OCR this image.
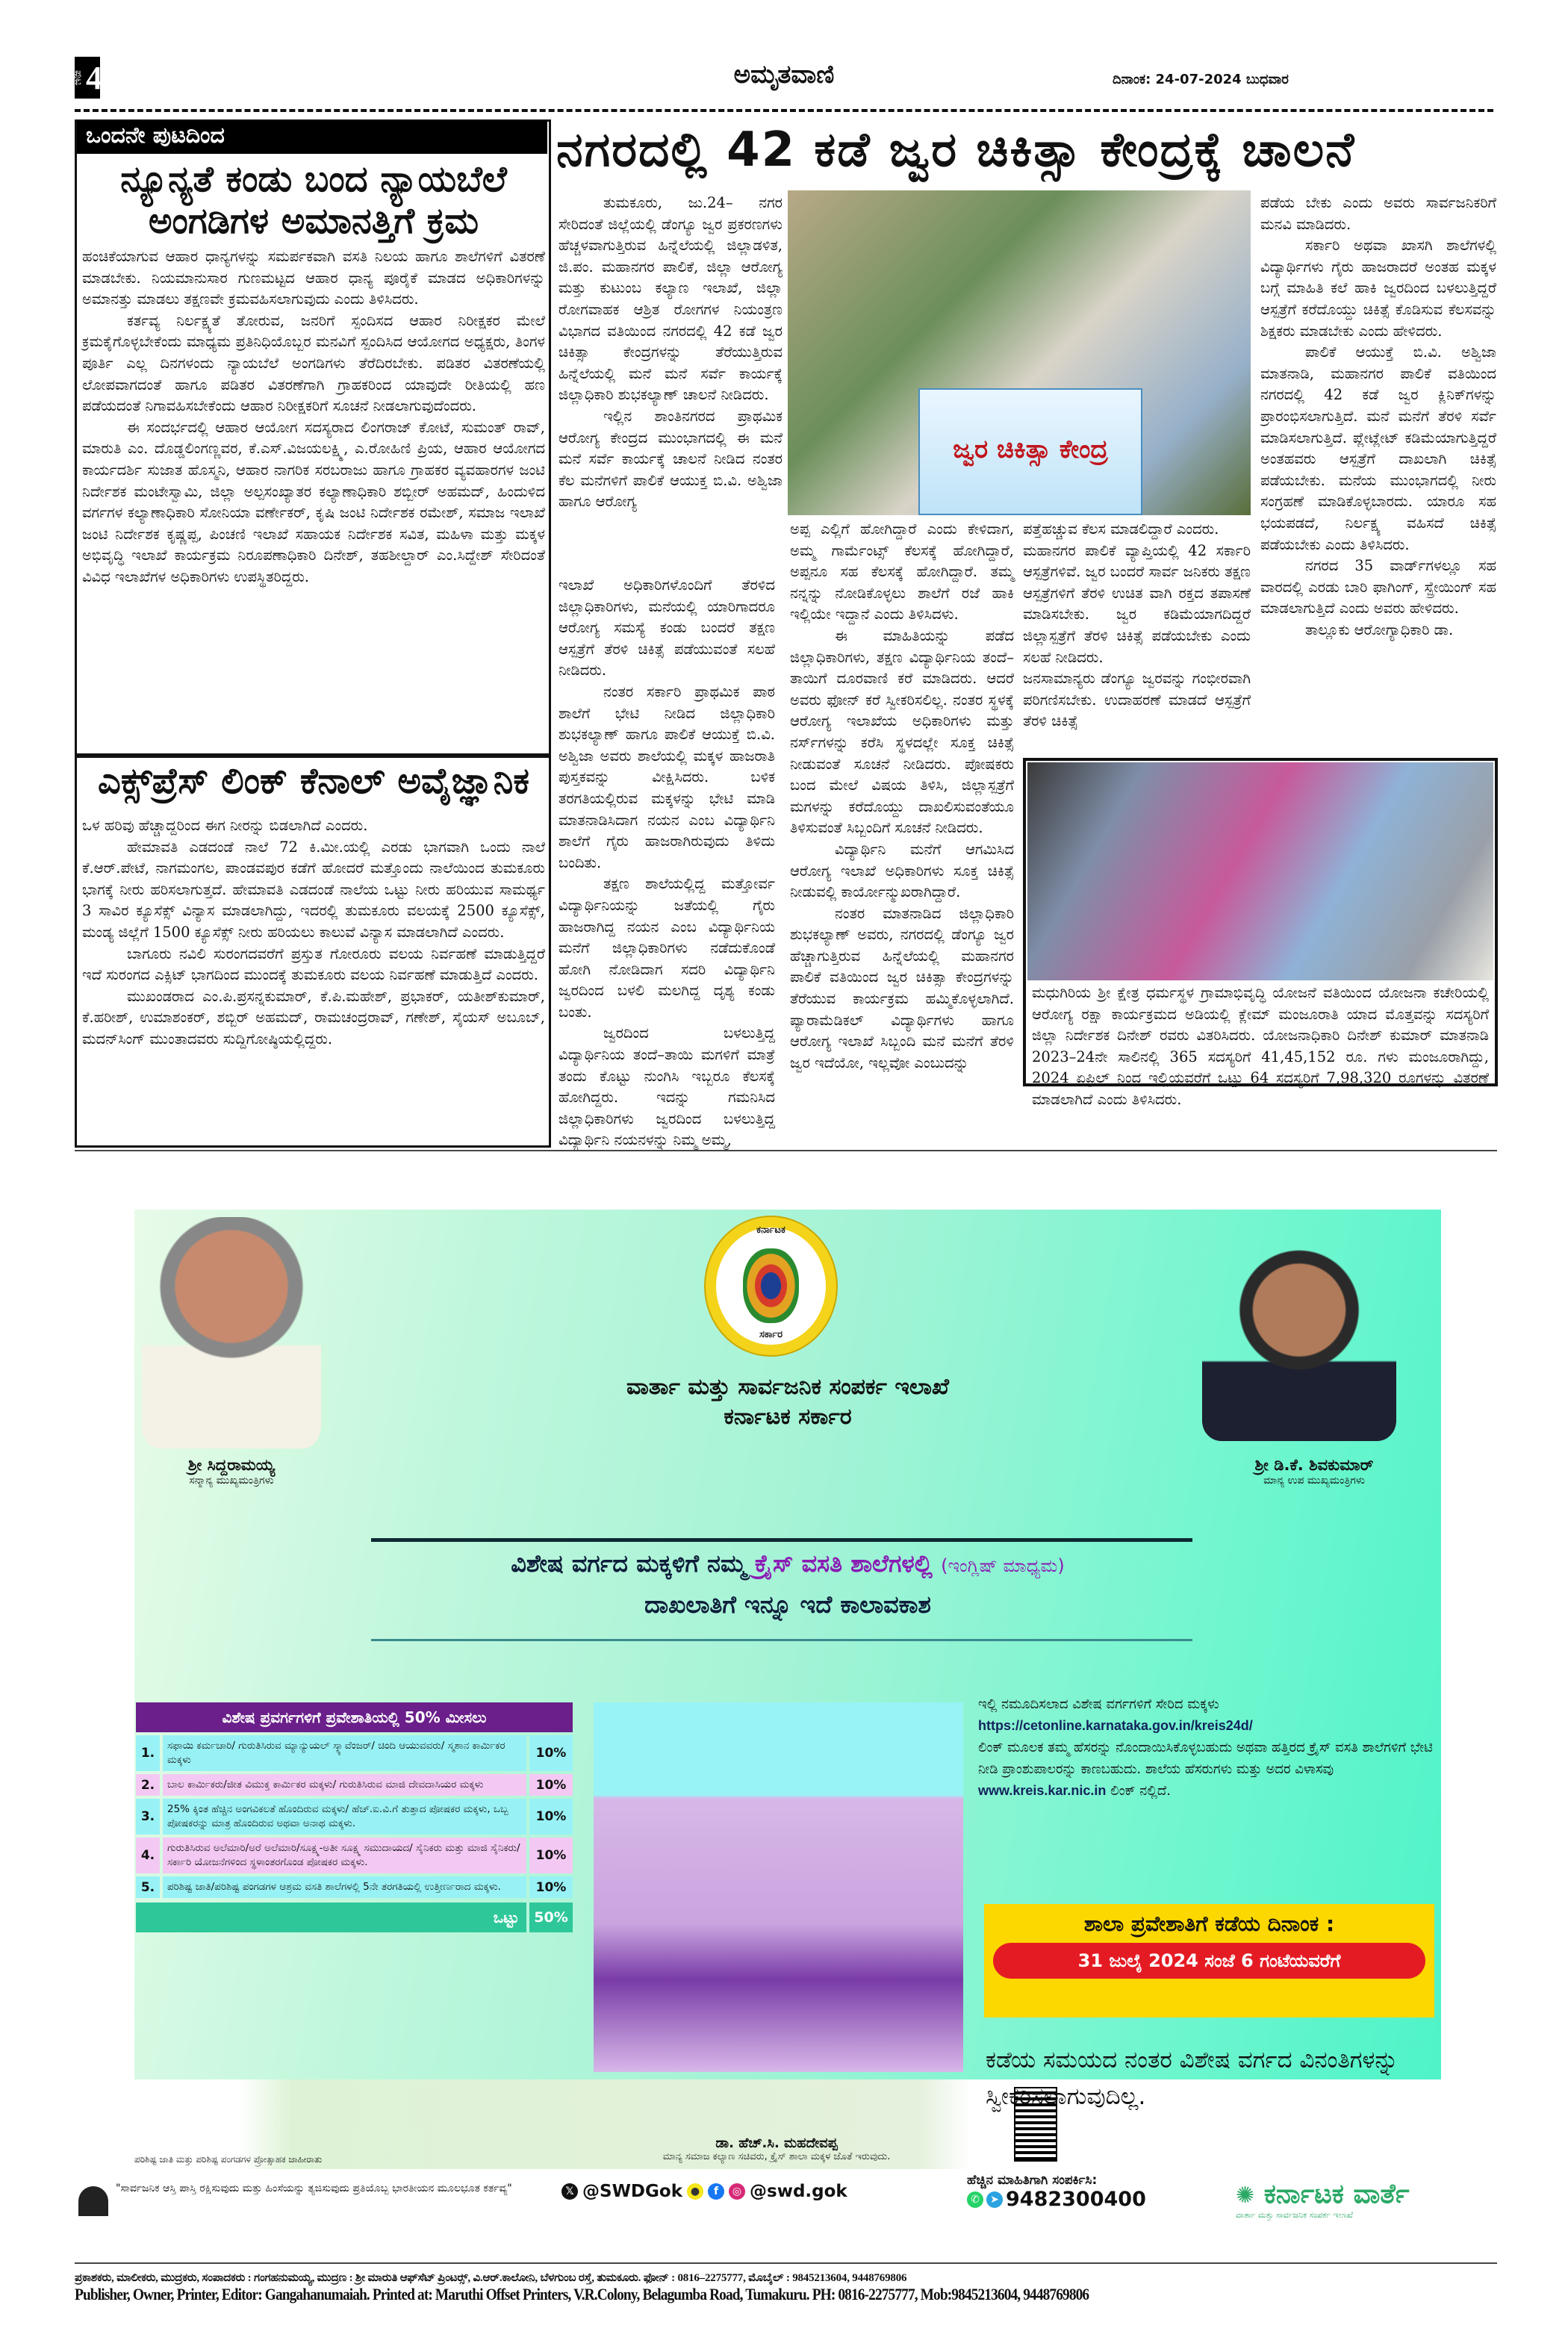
ಪುಟ 4	ಅಮೃತವಾಣಿ	ದಿನಾಂಕ: 24-07-2024 ಬುಧವಾರ
ಒಂದನೇ ಪುಟದಿಂದ
ನ್ಯೂನ್ಯತೆ ಕಂಡು ಬಂದ ನ್ಯಾಯಬೆಲೆ
ಅಂಗಡಿಗಳ ಅಮಾನತ್ತಿಗೆ ಕ್ರಮ

ಹಂಚಿಕೆಯಾಗುವ ಆಹಾರ ಧಾನ್ಯಗಳನ್ನು ಸಮರ್ಪಕವಾಗಿ ವಸತಿ ನಿಲಯ ಹಾಗೂ ಶಾಲೆಗಳಿಗೆ ವಿತರಣೆ ಮಾಡಬೇಕು. ನಿಯಮಾನುಸಾರ ಗುಣಮಟ್ಟದ ಆಹಾರ ಧಾನ್ಯ ಪೂರೈಕೆ ಮಾಡದ ಅಧಿಕಾರಿಗಳನ್ನು ಅಮಾನತ್ತು ಮಾಡಲು ತಕ್ಷಣವೇ ಕ್ರಮವಹಿಸಲಾಗುವುದು ಎಂದು ತಿಳಿಸಿದರು.

ಕರ್ತವ್ಯ ನಿರ್ಲಕ್ಷ್ಯತೆ ತೋರುವ, ಜನರಿಗೆ ಸ್ಪಂದಿಸದ ಆಹಾರ ನಿರೀಕ್ಷಕರ ಮೇಲೆ ಕ್ರಮಕೈಗೊಳ್ಳಬೇಕೆಂದು ಮಾಧ್ಯಮ ಪ್ರತಿನಿಧಿಯೊಬ್ಬರ ಮನವಿಗೆ ಸ್ಪಂದಿಸಿದ ಆಯೋಗದ ಅಧ್ಯಕ್ಷರು, ತಿಂಗಳ ಪೂರ್ತಿ ಎಲ್ಲ ದಿನಗಳಂದು ನ್ಯಾಯಬೆಲೆ ಅಂಗಡಿಗಳು ತೆರೆದಿರಬೇಕು. ಪಡಿತರ ವಿತರಣೆಯಲ್ಲಿ ಲೋಪವಾಗದಂತೆ ಹಾಗೂ ಪಡಿತರ ವಿತರಣೆಗಾಗಿ ಗ್ರಾಹಕರಿಂದ ಯಾವುದೇ ರೀತಿಯಲ್ಲಿ ಹಣ ಪಡೆಯದಂತೆ ನಿಗಾವಹಿಸಬೇಕೆಂದು ಆಹಾರ ನಿರೀಕ್ಷಕರಿಗೆ ಸೂಚನೆ ನೀಡಲಾಗುವುದೆಂದರು.

ಈ ಸಂದರ್ಭದಲ್ಲಿ ಆಹಾರ ಆಯೋಗ ಸದಸ್ಯರಾದ ಲಿಂಗರಾಜ್ ಕೋಟೆ, ಸುಮಂತ್ ರಾವ್, ಮಾರುತಿ ಎಂ. ದೊಡ್ಡಲಿಂಗಣ್ಣವರ, ಕೆ.ಎಸ್.ವಿಜಯಲಕ್ಷ್ಮಿ, ಎ.ರೋಹಿಣಿ ಪ್ರಿಯ, ಆಹಾರ ಆಯೋಗದ ಕಾರ್ಯದರ್ಶಿ ಸುಜಾತ ಹೊಸ್ಮನಿ, ಆಹಾರ ನಾಗರಿಕ ಸರಬರಾಜು ಹಾಗೂ ಗ್ರಾಹಕರ ವ್ಯವಹಾರಗಳ ಜಂಟಿ ನಿರ್ದೇಶಕ ಮಂಟೇಸ್ವಾಮಿ, ಜಿಲ್ಲಾ ಅಲ್ಪಸಂಖ್ಯಾತರ ಕಲ್ಯಾಣಾಧಿಕಾರಿ ಶಬ್ಬೀರ್ ಅಹಮದ್, ಹಿಂದುಳಿದ ವರ್ಗಗಳ ಕಲ್ಯಾಣಾಧಿಕಾರಿ ಸೋನಿಯಾ ವರ್ಣೇಕರ್, ಕೃಷಿ ಜಂಟಿ ನಿರ್ದೇಶಕ ರಮೇಶ್, ಸಮಾಜ ಇಲಾಖೆ ಜಂಟಿ ನಿರ್ದೇಶಕ ಕೃಷ್ಣಪ್ಪ, ಪಿಂಚಣಿ ಇಲಾಖೆ ಸಹಾಯಕ ನಿರ್ದೇಶಕ ಸವಿತ, ಮಹಿಳಾ ಮತ್ತು ಮಕ್ಕಳ ಅಭಿವೃದ್ಧಿ ಇಲಾಖೆ ಕಾರ್ಯಕ್ರಮ ನಿರೂಪಣಾಧಿಕಾರಿ ದಿನೇಶ್, ತಹಶೀಲ್ದಾರ್ ಎಂ.ಸಿದ್ದೇಶ್ ಸೇರಿದಂತೆ ವಿವಿಧ ಇಲಾಖೆಗಳ ಅಧಿಕಾರಿಗಳು ಉಪಸ್ಥಿತರಿದ್ದರು.

ಎಕ್ಸ್‌ಪ್ರೆಸ್ ಲಿಂಕ್ ಕೆನಾಲ್ ಅವೈಜ್ಞಾನಿಕ

ಒಳ ಹರಿವು ಹೆಚ್ಚಾದ್ದರಿಂದ ಈಗ ನೀರನ್ನು ಬಿಡಲಾಗಿದೆ ಎಂದರು.

ಹೇಮಾವತಿ ಎಡದಂಡೆ ನಾಲೆ 72 ಕಿ.ಮೀ.ಯಲ್ಲಿ ಎರಡು ಭಾಗವಾಗಿ ಒಂದು ನಾಲೆ ಕೆ.ಆರ್.ಪೇಟೆ, ನಾಗಮಂಗಲ, ಪಾಂಡವಪುರ ಕಡೆಗೆ ಹೋದರೆ ಮತ್ತೊಂದು ನಾಲೆಯಿಂದ ತುಮಕೂರು ಭಾಗಕ್ಕೆ ನೀರು ಹರಿಸಲಾಗುತ್ತದೆ. ಹೇಮಾವತಿ ಎಡದಂಡೆ ನಾಲೆಯ ಒಟ್ಟು ನೀರು ಹರಿಯುವ ಸಾಮರ್ಥ್ಯ 3 ಸಾವಿರ ಕ್ಯೂಸೆಕ್ಸ್ ವಿನ್ಯಾಸ ಮಾಡಲಾಗಿದ್ದು, ಇದರಲ್ಲಿ ತುಮಕೂರು ವಲಯಕ್ಕೆ 2500 ಕ್ಯೂಸೆಕ್ಸ್, ಮಂಡ್ಯ ಜಿಲ್ಲೆಗೆ 1500 ಕ್ಯೂಸೆಕ್ಸ್ ನೀರು ಹರಿಯಲು ಕಾಲುವೆ ವಿನ್ಯಾಸ ಮಾಡಲಾಗಿದೆ ಎಂದರು.

ಬಾಗೂರು ನವಿಲಿ ಸುರಂಗದವರೆಗೆ ಪ್ರಸ್ತುತ ಗೋರೂರು ವಲಯ ನಿರ್ವಹಣೆ ಮಾಡುತ್ತಿದ್ದರೆ ಇದೆ ಸುರಂಗದ ಎಕ್ಸಿಟ್ ಭಾಗದಿಂದ ಮುಂದಕ್ಕೆ ತುಮಕೂರು ವಲಯ ನಿರ್ವಹಣೆ ಮಾಡುತ್ತಿದೆ ಎಂದರು.

ಮುಖಂಡರಾದ ಎಂ.ಪಿ.ಪ್ರಸನ್ನಕುಮಾರ್, ಕೆ.ಪಿ.ಮಹೇಶ್, ಪ್ರಭಾಕರ್, ಯತೀಶ್‌ಕುಮಾರ್, ಕೆ.ಹರೀಶ್, ಉಮಾಶಂಕರ್, ಶಬ್ಬಿರ್ ಅಹಮದ್, ರಾಮಚಂದ್ರರಾವ್, ಗಣೇಶ್, ಸೈಯಸ್ ಅಬೂಬ್, ಮದನ್‌ಸಿಂಗ್ ಮುಂತಾದವರು ಸುದ್ದಿಗೋಷ್ಠಿಯಲ್ಲಿದ್ದರು.

ನಗರದಲ್ಲಿ 42 ಕಡೆ ಜ್ವರ ಚಿಕಿತ್ಸಾ ಕೇಂದ್ರಕ್ಕೆ ಚಾಲನೆ

ತುಮಕೂರು, ಜು.24– ನಗರ ಸೇರಿದಂತೆ ಜಿಲ್ಲೆಯಲ್ಲಿ ಡೆಂಗ್ಯೂ ಜ್ವರ ಪ್ರಕರಣಗಳು ಹೆಚ್ಚಳವಾಗುತ್ತಿರುವ ಹಿನ್ನೆಲೆಯಲ್ಲಿ ಜಿಲ್ಲಾಡಳಿತ, ಜಿ.ಪಂ. ಮಹಾನಗರ ಪಾಲಿಕೆ, ಜಿಲ್ಲಾ ಆರೋಗ್ಯ ಮತ್ತು ಕುಟುಂಬ ಕಲ್ಯಾಣ ಇಲಾಖೆ, ಜಿಲ್ಲಾ ರೋಗವಾಹಕ ಆಶ್ರಿತ ರೋಗಗಳ ನಿಯಂತ್ರಣ ವಿಭಾಗದ ವತಿಯಿಂದ ನಗರದಲ್ಲಿ 42 ಕಡೆ ಜ್ವರ ಚಿಕಿತ್ಸಾ ಕೇಂದ್ರಗಳನ್ನು ತೆರೆಯುತ್ತಿರುವ ಹಿನ್ನೆಲೆಯಲ್ಲಿ ಮನೆ ಮನೆ ಸರ್ವೆ ಕಾರ್ಯಕ್ಕೆ ಜಿಲ್ಲಾಧಿಕಾರಿ ಶುಭಕಲ್ಯಾಣ್ ಚಾಲನೆ ನೀಡಿದರು.

ಇಲ್ಲಿನ ಶಾಂತಿನಗರದ ಪ್ರಾಥಮಿಕ ಆರೋಗ್ಯ ಕೇಂದ್ರದ ಮುಂಭಾಗದಲ್ಲಿ ಈ ಮನೆ ಮನೆ ಸರ್ವೆ ಕಾರ್ಯಕ್ಕೆ ಚಾಲನೆ ನೀಡಿದ ನಂತರ ಕೆಲ ಮನೆಗಳಿಗೆ ಪಾಲಿಕೆ ಆಯುಕ್ತ ಬಿ.ವಿ. ಅಶ್ವಿಜಾ ಹಾಗೂ ಆರೋಗ್ಯ

ಜ್ವರ ಚಿಕಿತ್ಸಾ ಕೇಂದ್ರ

ಇಲಾಖೆ ಅಧಿಕಾರಿಗಳೊಂದಿಗೆ ತೆರಳಿದ ಜಿಲ್ಲಾಧಿಕಾರಿಗಳು, ಮನೆಯಲ್ಲಿ ಯಾರಿಗಾದರೂ ಆರೋಗ್ಯ ಸಮಸ್ಯೆ ಕಂಡು ಬಂದರೆ ತಕ್ಷಣ ಆಸ್ಪತ್ರೆಗೆ ತೆರಳಿ ಚಿಕಿತ್ಸೆ ಪಡೆಯುವಂತೆ ಸಲಹೆ ನೀಡಿದರು.

ನಂತರ ಸರ್ಕಾರಿ ಪ್ರಾಥಮಿಕ ಪಾಠ ಶಾಲೆಗೆ ಭೇಟಿ ನೀಡಿದ ಜಿಲ್ಲಾಧಿಕಾರಿ ಶುಭಕಲ್ಯಾಣ್ ಹಾಗೂ ಪಾಲಿಕೆ ಆಯುಕ್ತೆ ಬಿ.ವಿ. ಅಶ್ವಿಜಾ ಅವರು ಶಾಲೆಯಲ್ಲಿ ಮಕ್ಕಳ ಹಾಜರಾತಿ ಪುಸ್ತಕವನ್ನು ವೀಕ್ಷಿಸಿದರು. ಬಳಿಕ ತರಗತಿಯಲ್ಲಿರುವ ಮಕ್ಕಳನ್ನು ಭೇಟಿ ಮಾಡಿ ಮಾತನಾಡಿಸಿದಾಗ ನಯನ ಎಂಬ ವಿದ್ಯಾರ್ಥಿನಿ ಶಾಲೆಗೆ ಗೈರು ಹಾಜರಾಗಿರುವುದು ತಿಳಿದು ಬಂದಿತು.

ತಕ್ಷಣ ಶಾಲೆಯಲ್ಲಿದ್ದ ಮತ್ತೋರ್ವ ವಿದ್ಯಾರ್ಥಿನಿಯನ್ನು ಜತೆಯಲ್ಲಿ ಗೈರು ಹಾಜರಾಗಿದ್ದ ನಯನ ಎಂಬ ವಿದ್ಯಾರ್ಥಿನಿಯ ಮನೆಗೆ ಜಿಲ್ಲಾಧಿಕಾರಿಗಳು ನಡೆದುಕೊಂಡೆ ಹೋಗಿ ನೋಡಿದಾಗ ಸದರಿ ವಿದ್ಯಾರ್ಥಿನಿ ಜ್ವರದಿಂದ ಬಳಲಿ ಮಲಗಿದ್ದ ದೃಶ್ಯ ಕಂಡು ಬಂತು.

ಜ್ವರದಿಂದ ಬಳಲುತ್ತಿದ್ದ ವಿದ್ಯಾರ್ಥಿನಿಯ ತಂದೆ–ತಾಯಿ ಮಗಳಿಗೆ ಮಾತ್ರೆ ತಂದು ಕೊಟ್ಟು ನುಂಗಿಸಿ ಇಬ್ಬರೂ ಕೆಲಸಕ್ಕೆ ಹೋಗಿದ್ದರು. ಇದನ್ನು ಗಮನಿಸಿದ ಜಿಲ್ಲಾಧಿಕಾರಿಗಳು ಜ್ವರದಿಂದ ಬಳಲುತ್ತಿದ್ದ ವಿದ್ಯಾರ್ಥಿನಿ ನಯನಳನ್ನು ನಿಮ್ಮ ಅಮ್ಮ,

ಅಪ್ಪ ಎಲ್ಲಿಗೆ ಹೋಗಿದ್ದಾರೆ ಎಂದು ಕೇಳಿದಾಗ, ಅಮ್ಮ ಗಾರ್ಮೆಂಟ್ಸ್ ಕೆಲಸಕ್ಕೆ ಹೋಗಿದ್ದಾರೆ, ಅಪ್ಪನೂ ಸಹ ಕೆಲಸಕ್ಕೆ ಹೋಗಿದ್ದಾರೆ. ತಮ್ಮ ನನ್ನನ್ನು ನೋಡಿಕೊಳ್ಳಲು ಶಾಲೆಗೆ ರಜೆ ಹಾಕಿ ಇಲ್ಲಿಯೇ ಇದ್ದಾನೆ ಎಂದು ತಿಳಿಸಿದಳು.

ಈ ಮಾಹಿತಿಯನ್ನು ಪಡೆದ ಜಿಲ್ಲಾಧಿಕಾರಿಗಳು, ತಕ್ಷಣ ವಿದ್ಯಾರ್ಥಿನಿಯ ತಂದೆ–ತಾಯಿಗೆ ದೂರವಾಣಿ ಕರೆ ಮಾಡಿದರು. ಆದರೆ ಅವರು ಫೋನ್ ಕರೆ ಸ್ವೀಕರಿಸಲಿಲ್ಲ. ನಂತರ ಸ್ಥಳಕ್ಕೆ ಆರೋಗ್ಯ ಇಲಾಖೆಯ ಅಧಿಕಾರಿಗಳು ಮತ್ತು ನರ್ಸ್‌ಗಳನ್ನು ಕರೆಸಿ ಸ್ಥಳದಲ್ಲೇ ಸೂಕ್ತ ಚಿಕಿತ್ಸೆ ನೀಡುವಂತೆ ಸೂಚನೆ ನೀಡಿದರು. ಪೋಷಕರು ಬಂದ ಮೇಲೆ ವಿಷಯ ತಿಳಿಸಿ, ಜಿಲ್ಲಾಸ್ಪತ್ರೆಗೆ ಮಗಳನ್ನು ಕರೆದೊಯ್ದು ದಾಖಲಿಸುವಂತೆಯೂ ತಿಳಿಸುವಂತೆ ಸಿಬ್ಬಂದಿಗೆ ಸೂಚನೆ ನೀಡಿದರು.

ವಿದ್ಯಾರ್ಥಿನಿ ಮನೆಗೆ ಆಗಮಿಸಿದ ಆರೋಗ್ಯ ಇಲಾಖೆ ಅಧಿಕಾರಿಗಳು ಸೂಕ್ತ ಚಿಕಿತ್ಸೆ ನೀಡುವಲ್ಲಿ ಕಾರ್ಯೋನ್ಮುಖರಾಗಿದ್ದಾರೆ.

ನಂತರ ಮಾತನಾಡಿದ ಜಿಲ್ಲಾಧಿಕಾರಿ ಶುಭಕಲ್ಯಾಣ್ ಅವರು, ನಗರದಲ್ಲಿ ಡೆಂಗ್ಯೂ ಜ್ವರ ಹೆಚ್ಚಾಗುತ್ತಿರುವ ಹಿನ್ನೆಲೆಯಲ್ಲಿ ಮಹಾನಗರ ಪಾಲಿಕೆ ವತಿಯಿಂದ ಜ್ವರ ಚಿಕಿತ್ಸಾ ಕೇಂದ್ರಗಳನ್ನು ತೆರೆಯುವ ಕಾರ್ಯಕ್ರಮ ಹಮ್ಮಿಕೊಳ್ಳಲಾಗಿದೆ. ಪ್ಯಾರಾಮೆಡಿಕಲ್ ವಿದ್ಯಾರ್ಥಿಗಳು ಹಾಗೂ ಆರೋಗ್ಯ ಇಲಾಖೆ ಸಿಬ್ಬಂದಿ ಮನೆ ಮನೆಗೆ ತೆರಳಿ ಜ್ವರ ಇದೆಯೋ, ಇಲ್ಲವೋ ಎಂಬುದನ್ನು

ಪತ್ತೆಹಚ್ಚುವ ಕೆಲಸ ಮಾಡಲಿದ್ದಾರೆ ಎಂದರು.

ಮಹಾನಗರ ಪಾಲಿಕೆ ವ್ಯಾಪ್ತಿಯಲ್ಲಿ 42 ಸರ್ಕಾರಿ ಆಸ್ಪತ್ರೆಗಳಿವೆ. ಜ್ವರ ಬಂದರೆ ಸಾರ್ವ ಜನಿಕರು ತಕ್ಷಣ ಆಸ್ಪತ್ರೆಗಳಿಗೆ ತೆರಳಿ ಉಚಿತ ವಾಗಿ ರಕ್ತದ ತಪಾಸಣೆ ಮಾಡಿಸಬೇಕು. ಜ್ವರ ಕಡಿಮೆಯಾಗದಿದ್ದರೆ ಜಿಲ್ಲಾಸ್ಪತ್ರೆಗೆ ತೆರಳಿ ಚಿಕಿತ್ಸೆ ಪಡೆಯಬೇಕು ಎಂದು ಸಲಹೆ ನೀಡಿದರು.

ಜನಸಾಮಾನ್ಯರು ಡೆಂಗ್ಯೂ ಜ್ವರವನ್ನು ಗಂಭೀರವಾಗಿ ಪರಿಗಣಿಸಬೇಕು. ಉದಾಹರಣೆ ಮಾಡದೆ ಆಸ್ಪತ್ರೆಗೆ ತೆರಳಿ ಚಿಕಿತ್ಸೆ

ಪಡೆಯ ಬೇಕು ಎಂದು ಅವರು ಸಾರ್ವಜನಿಕರಿಗೆ ಮನವಿ ಮಾಡಿದರು.

ಸರ್ಕಾರಿ ಅಥವಾ ಖಾಸಗಿ ಶಾಲೆಗಳಲ್ಲಿ ವಿದ್ಯಾರ್ಥಿಗಳು ಗೈರು ಹಾಜರಾದರೆ ಅಂತಹ ಮಕ್ಕಳ ಬಗ್ಗೆ ಮಾಹಿತಿ ಕಲೆ ಹಾಕಿ ಜ್ವರದಿಂದ ಬಳಲುತ್ತಿದ್ದರೆ ಆಸ್ಪತ್ರೆಗೆ ಕರೆದೊಯ್ದು ಚಿಕಿತ್ಸೆ ಕೊಡಿಸುವ ಕೆಲಸವನ್ನು ಶಿಕ್ಷಕರು ಮಾಡಬೇಕು ಎಂದು ಹೇಳಿದರು.

ಪಾಲಿಕೆ ಆಯುಕ್ತೆ ಬಿ.ವಿ. ಅಶ್ವಿಜಾ ಮಾತನಾಡಿ, ಮಹಾನಗರ ಪಾಲಿಕೆ ವತಿಯಿಂದ ನಗರದಲ್ಲಿ 42 ಕಡೆ ಜ್ವರ ಕ್ಲಿನಿಕ್‌ಗಳನ್ನು ಪ್ರಾರಂಭಿಸಲಾಗುತ್ತಿದೆ. ಮನೆ ಮನೆಗೆ ತೆರಳಿ ಸರ್ವೆ ಮಾಡಿಸಲಾಗುತ್ತಿದೆ. ಪ್ಲೇಟ್ಲೇಟ್ ಕಡಿಮೆಯಾಗುತ್ತಿದ್ದರೆ ಅಂತಹವರು ಆಸ್ಪತ್ರೆಗೆ ದಾಖಲಾಗಿ ಚಿಕಿತ್ಸೆ ಪಡೆಯಬೇಕು. ಮನೆಯ ಮುಂಭಾಗದಲ್ಲಿ ನೀರು ಸಂಗ್ರಹಣೆ ಮಾಡಿಕೊಳ್ಳಬಾರದು. ಯಾರೂ ಸಹ ಭಯಪಡದೆ, ನಿರ್ಲಕ್ಷ್ಯ ವಹಿಸದೆ ಚಿಕಿತ್ಸೆ ಪಡೆಯಬೇಕು ಎಂದು ತಿಳಿಸಿದರು.

ನಗರದ 35 ವಾರ್ಡ್‌ಗಳಲ್ಲೂ ಸಹ ವಾರದಲ್ಲಿ ಎರಡು ಬಾರಿ ಫಾಗಿಂಗ್, ಸ್ಪ್ರೇಯಿಂಗ್ ಸಹ ಮಾಡಲಾಗುತ್ತಿದೆ ಎಂದು ಅವರು ಹೇಳಿದರು.

ತಾಲ್ಲೂಕು ಆರೋಗ್ಯಾಧಿಕಾರಿ ಡಾ.

ಮಧುಗಿರಿಯ ಶ್ರೀ ಕ್ಷೇತ್ರ ಧರ್ಮಸ್ಥಳ ಗ್ರಾಮಾಭಿವೃದ್ಧಿ ಯೋಜನೆ ವತಿಯಿಂದ ಯೋಜನಾ ಕಚೇರಿಯಲ್ಲಿ ಆರೋಗ್ಯ ರಕ್ಷಾ ಕಾರ್ಯಕ್ರಮದ ಅಡಿಯಲ್ಲಿ ಕ್ಲೇಮ್ ಮಂಜೂರಾತಿ ಯಾದ ಮೊತ್ತವನ್ನು ಸದಸ್ಯರಿಗೆ ಜಿಲ್ಲಾ ನಿರ್ದೇಶಕ ದಿನೇಶ್ ರವರು ವಿತರಿಸಿದರು. ಯೋಜನಾಧಿಕಾರಿ ದಿನೇಶ್ ಕುಮಾರ್ ಮಾತನಾಡಿ 2023–24ನೇ ಸಾಲಿನಲ್ಲಿ 365 ಸದಸ್ಯರಿಗೆ 41,45,152 ರೂ. ಗಳು ಮಂಜೂರಾಗಿದ್ದು, 2024 ಏಪ್ರಿಲ್ ನಿಂದ ಇಲ್ಲಿಯವರೆಗೆ ಒಟ್ಟು 64 ಸದಸ್ಯರಿಗೆ 7,98,320 ರೂಗಳನ್ನು ವಿತರಣೆ ಮಾಡಲಾಗಿದೆ ಎಂದು ತಿಳಿಸಿದರು.
ಕರ್ನಾಟಕ
ಸರ್ಕಾರ
ವಾರ್ತಾ ಮತ್ತು ಸಾರ್ವಜನಿಕ ಸಂಪರ್ಕ ಇಲಾಖೆ
ಕರ್ನಾಟಕ ಸರ್ಕಾರ
ಶ್ರೀ ಸಿದ್ದರಾಮಯ್ಯ
ಸನ್ಮಾನ್ಯ ಮುಖ್ಯಮಂತ್ರಿಗಳು
ಶ್ರೀ ಡಿ.ಕೆ. ಶಿವಕುಮಾರ್
ಮಾನ್ಯ ಉಪ ಮುಖ್ಯಮಂತ್ರಿಗಳು
ವಿಶೇಷ ವರ್ಗದ ಮಕ್ಕಳಿಗೆ ನಮ್ಮ ಕ್ರೈಸ್ ವಸತಿ ಶಾಲೆಗಳಲ್ಲಿ (ಇಂಗ್ಲಿಷ್ ಮಾಧ್ಯಮ)
ದಾಖಲಾತಿಗೆ ಇನ್ನೂ ಇದೆ ಕಾಲಾವಕಾಶ
ವಿಶೇಷ ಪ್ರವರ್ಗಗಳಿಗೆ ಪ್ರವೇಶಾತಿಯಲ್ಲಿ 50% ಮೀಸಲು
1.	ಸಫಾಯಿ ಕರ್ಮಚಾರಿ/ ಗುರುತಿಸಿರುವ ಮ್ಯಾನ್ಯುಯಲ್ ಸ್ಕ್ಯಾವೆಂಜರ್/ ಚಿಂದಿ ಆಯುವವರು/ ಸ್ಮಶಾನ ಕಾರ್ಮಿಕರ ಮಕ್ಕಳು	10%
2.	ಬಾಲ ಕಾರ್ಮಿಕರು/ಜೀತ ವಿಮುಕ್ತ ಕಾರ್ಮಿಕರ ಮಕ್ಕಳು/ ಗುರುತಿಸಿರುವ ಮಾಜಿ ದೇವದಾಸಿಯರ ಮಕ್ಕಳು	10%
3.	25% ಕ್ಕಿಂತ ಹೆಚ್ಚಿನ ಅಂಗವಿಕಲತೆ ಹೊಂದಿರುವ ಮಕ್ಕಳು/ ಹೆಚ್.ಐ.ವಿ.ಗೆ ತುತ್ತಾದ ಪೋಷಕರ ಮಕ್ಕಳು, ಒಬ್ಬ ಪೋಷಕರನ್ನು ಮಾತ್ರ ಹೊಂದಿರುವ ಅಥವಾ ಅನಾಥ ಮಕ್ಕಳು.	10%
4.	ಗುರುತಿಸಿರುವ ಅಲೆಮಾರಿ/ಅರೆ ಅಲೆಮಾರಿ/ಸೂಕ್ಷ್ಮ-ಅತೀ ಸೂಕ್ಷ್ಮ ಸಮುದಾಯದ/ ಸೈನಿಕರು ಮತ್ತು ಮಾಜಿ ಸೈನಿಕರು/ ಸರ್ಕಾರಿ ಯೋಜನೆಗಳಿಂದ ಸ್ಥಳಾಂತರಗೊಂಡ ಪೋಷಕರ ಮಕ್ಕಳು.	10%
5.	ಪರಿಶಿಷ್ಟ ಜಾತಿ/ಪರಿಶಿಷ್ಟ ಪಂಗಡಗಳ ಆಶ್ರಮ ವಸತಿ ಶಾಲೆಗಳಲ್ಲಿ 5ನೇ ತರಗತಿಯಲ್ಲಿ ಉತ್ತೀರ್ಣರಾದ ಮಕ್ಕಳು.	10%
ಒಟ್ಟು	50%
ಡಾ. ಹೆಚ್.ಸಿ. ಮಹದೇವಪ್ಪ
ಮಾನ್ಯ ಸಮಾಜ ಕಲ್ಯಾಣ ಸಚಿವರು, ಕ್ರೈಸ್ ಶಾಲಾ ಮಕ್ಕಳ ಜೊತೆ ಇರುವುದು.
ಇಲ್ಲಿ ನಮೂದಿಸಲಾದ ವಿಶೇಷ ವರ್ಗಗಳಿಗೆ ಸೇರಿದ ಮಕ್ಕಳು
https://cetonline.karnataka.gov.in/kreis24d/
ಲಿಂಕ್ ಮೂಲಕ ತಮ್ಮ ಹೆಸರನ್ನು ನೊಂದಾಯಿಸಿಕೊಳ್ಳಬಹುದು ಅಥವಾ ಹತ್ತಿರದ ಕ್ರೈಸ್ ವಸತಿ ಶಾಲೆಗಳಿಗೆ ಭೇಟಿ ನೀಡಿ ಪ್ರಾಂಶುಪಾಲರನ್ನು ಕಾಣಬಹುದು. ಶಾಲೆಯ ಹೆಸರುಗಳು ಮತ್ತು ಅದರ ವಿಳಾಸವು www.kreis.kar.nic.in ಲಿಂಕ್ ನಲ್ಲಿದೆ.
ಶಾಲಾ ಪ್ರವೇಶಾತಿಗೆ ಕಡೆಯ ದಿನಾಂಕ :
31 ಜುಲೈ 2024 ಸಂಜೆ 6 ಗಂಟೆಯವರೆಗೆ
ಕಡೆಯ ಸಮಯದ ನಂತರ ವಿಶೇಷ ವರ್ಗದ ವಿನಂತಿಗಳನ್ನು ಸ್ವೀಕರಿಸಲಾಗುವುದಿಲ್ಲ.
ಪರಿಶಿಷ್ಟ ಜಾತಿ ಮತ್ತು ಪರಿಶಿಷ್ಟ ಪಂಗಡಗಳ ಪ್ರೋತ್ಸಾಹಕ ಜಾಹೀರಾತು
"ಸಾರ್ವಜನಿಕ ಆಸ್ತಿ ಪಾಸ್ತಿ ರಕ್ಷಿಸುವುದು ಮತ್ತು ಹಿಂಸೆಯನ್ನು ತ್ಯಜಿಸುವುದು ಪ್ರತಿಯೊಬ್ಬ ಭಾರತೀಯನ ಮೂಲಭೂತ ಕರ್ತವ್ಯ"	𝕏 @SWDGok ●	f	◎ @swd.gok
ಹೆಚ್ಚಿನ ಮಾಹಿತಿಗಾಗಿ ಸಂಪರ್ಕಿಸಿ:
✆	➤ 9482300400	✺ ಕರ್ನಾಟಕ ವಾರ್ತೆ
ವಾರ್ತಾ ಮತ್ತು ಸಾರ್ವಜನಿಕ ಸಂಪರ್ಕ ಇಲಾಖೆ
ಪ್ರಕಾಶಕರು, ಮಾಲೀಕರು, ಮುದ್ರಕರು, ಸಂಪಾದಕರು : ಗಂಗಹನುಮಯ್ಯ, ಮುದ್ರಣ : ಶ್ರೀ ಮಾರುತಿ ಆಫ್‌ಸೆಟ್ ಪ್ರಿಂಟರ್‍ಸ್, ವಿ.ಆರ್.ಕಾಲೋನಿ, ಬೆಳಗುಂಬ ರಸ್ತೆ, ತುಮಕೂರು. ಫೋನ್ : 0816–2275777, ಮೊಬೈಲ್ : 9845213604, 9448769806
Publisher, Owner, Printer, Editor: Gangahanumaiah. Printed at: Maruthi Offset Printers, V.R.Colony, Belagumba Road, Tumakuru. PH: 0816-2275777, Mob:9845213604, 9448769806
